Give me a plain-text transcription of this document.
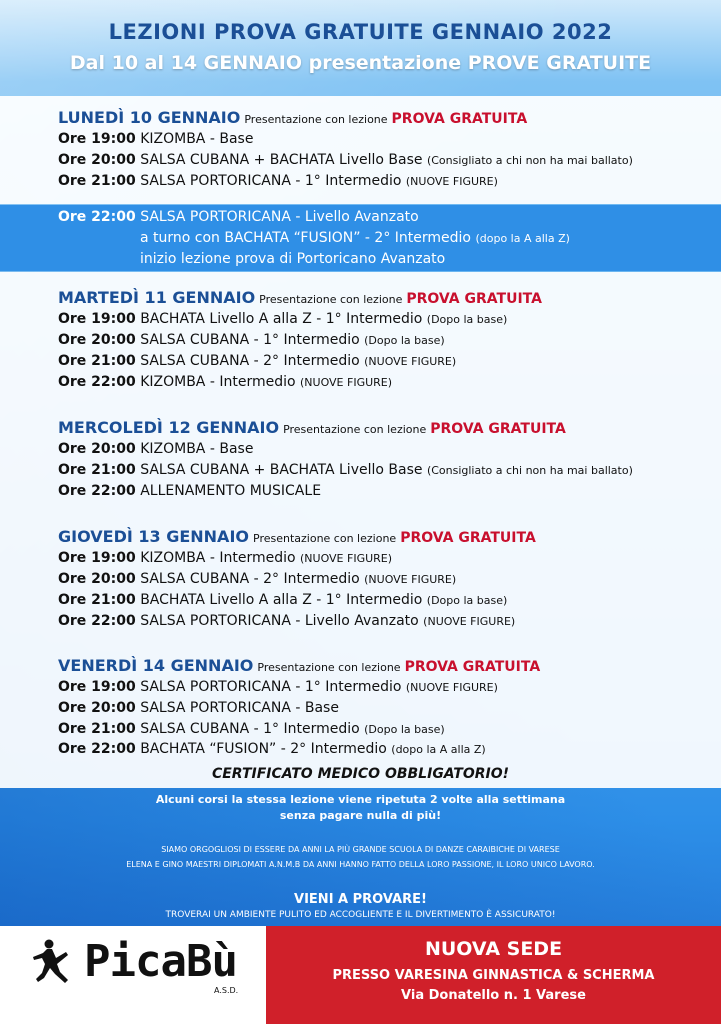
LEZIONI PROVA GRATUITE GENNAIO 2022
Dal 10 al 14 GENNAIO presentazione PROVE GRATUITE
LUNEDÌ 10 GENNAIO Presentazione con lezione PROVA GRATUITA
Ore 19:00 KIZOMBA - Base
Ore 20:00 SALSA CUBANA + BACHATA Livello Base (Consigliato a chi non ha mai ballato)
Ore 21:00 SALSA PORTORICANA - 1° Intermedio (NUOVE FIGURE)
Ore 22:00 SALSA PORTORICANA - Livello Avanzato
a turno con BACHATA “FUSION” - 2° Intermedio (dopo la A alla Z)
inizio lezione prova di Portoricano Avanzato
MARTEDÌ 11 GENNAIO Presentazione con lezione PROVA GRATUITA
Ore 19:00 BACHATA Livello A alla Z - 1° Intermedio (Dopo la base)
Ore 20:00 SALSA CUBANA - 1° Intermedio (Dopo la base)
Ore 21:00 SALSA CUBANA - 2° Intermedio (NUOVE FIGURE)
Ore 22:00 KIZOMBA - Intermedio (NUOVE FIGURE)
MERCOLEDÌ 12 GENNAIO Presentazione con lezione PROVA GRATUITA
Ore 20:00 KIZOMBA - Base
Ore 21:00 SALSA CUBANA + BACHATA Livello Base (Consigliato a chi non ha mai ballato)
Ore 22:00 ALLENAMENTO MUSICALE
GIOVEDÌ 13 GENNAIO Presentazione con lezione PROVA GRATUITA
Ore 19:00 KIZOMBA - Intermedio (NUOVE FIGURE)
Ore 20:00 SALSA CUBANA - 2° Intermedio (NUOVE FIGURE)
Ore 21:00 BACHATA Livello A alla Z - 1° Intermedio (Dopo la base)
Ore 22:00 SALSA PORTORICANA - Livello Avanzato (NUOVE FIGURE)
VENERDÌ 14 GENNAIO Presentazione con lezione PROVA GRATUITA
Ore 19:00 SALSA PORTORICANA - 1° Intermedio (NUOVE FIGURE)
Ore 20:00 SALSA PORTORICANA - Base
Ore 21:00 SALSA CUBANA - 1° Intermedio (Dopo la base)
Ore 22:00 BACHATA “FUSION” - 2° Intermedio (dopo la A alla Z)
CERTIFICATO MEDICO OBBLIGATORIO!
Alcuni corsi la stessa lezione viene ripetuta 2 volte alla settimana
senza pagare nulla di più!
SIAMO ORGOGLIOSI DI ESSERE DA ANNI LA PIÙ GRANDE SCUOLA DI DANZE CARAIBICHE DI VARESE
ELENA E GINO MAESTRI DIPLOMATI A.N.M.B DA ANNI HANNO FATTO DELLA LORO PASSIONE, IL LORO UNICO LAVORO.
VIENI A PROVARE!
TROVERAI UN AMBIENTE PULITO ED ACCOGLIENTE E IL DIVERTIMENTO È ASSICURATO!
PicaBù
A.S.D.
NUOVA SEDE
PRESSO VARESINA GINNASTICA & SCHERMA
Via Donatello n. 1 Varese
